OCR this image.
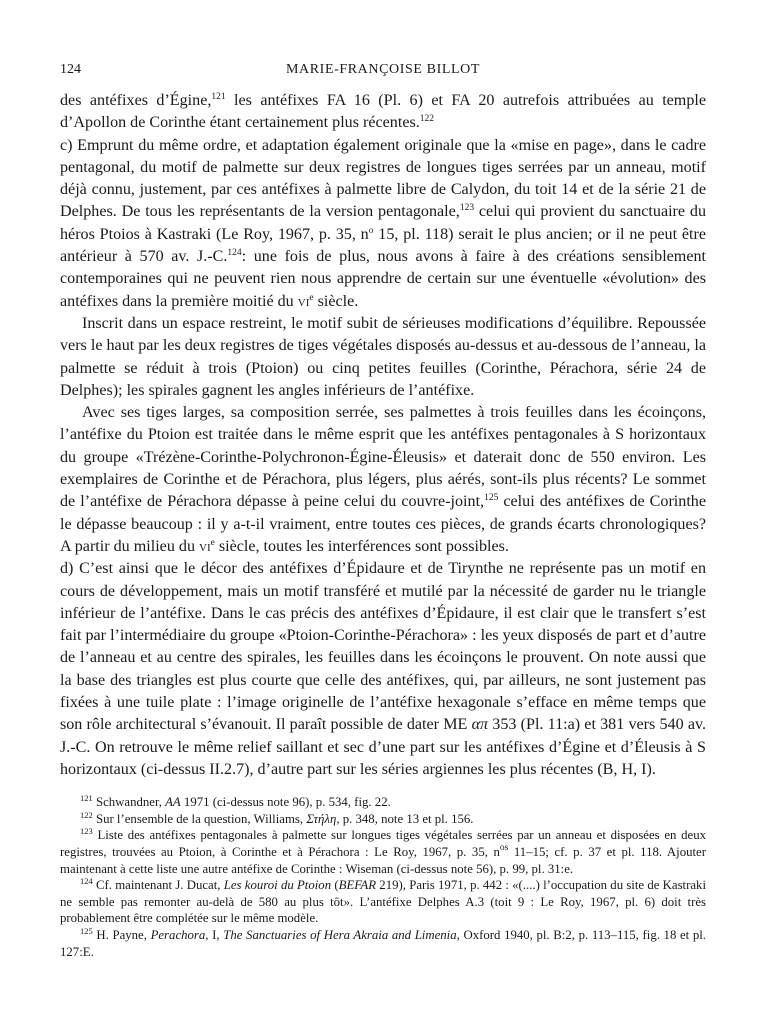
124	MARIE-FRANÇOISE BILLOT

des antéfixes d’Égine,$^{121}$ les antéfixes FA 16 (Pl. 6) et FA 20 autrefois attribuées au temple d’Apollon de Corinthe étant certainement plus récentes.$^{122}$

c) Emprunt du même ordre, et adaptation également originale que la «mise en page», dans le cadre pentagonal, du motif de palmette sur deux registres de longues tiges serrées par un anneau, motif déjà connu, justement, par ces antéfixes à palmette libre de Calydon, du toit 14 et de la série 21 de Delphes. De tous les représentants de la version pentagonale,$^{123}$ celui qui provient du sanctuaire du héros Ptoios à Kastraki (Le Roy, 1967, p. 35, $n^o$ 15, pl. 118) serait le plus ancien; or il ne peut être antérieur à 570 av. J.-C.$^{124}$: une fois de plus, nous avons à faire à des créations sensiblement contemporaines qui ne peuvent rien nous apprendre de certain sur une éventuelle «évolution» des antéfixes dans la première moitié du $vi^e$ siècle.

Inscrit dans un espace restreint, le motif subit de sérieuses modifications d’équilibre. Repoussée vers le haut par les deux registres de tiges végétales disposés au-dessus et au-dessous de l’anneau, la palmette se réduit à trois (Ptoion) ou cinq petites feuilles (Corinthe, Pérachora, série 24 de Delphes); les spirales gagnent les angles inférieurs de l’antéfixe.

Avec ses tiges larges, sa composition serrée, ses palmettes à trois feuilles dans les écoinçons, l’antéfixe du Ptoion est traitée dans le même esprit que les antéfixes pentagonales à S horizontaux du groupe «Trézène-Corinthe-Polychronon-Égine-Éleusis» et daterait donc de 550 environ. Les exemplaires de Corinthe et de Pérachora, plus légers, plus aérés, sont-ils plus récents? Le sommet de l’antéfixe de Pérachora dépasse à peine celui du couvre-joint,$^{125}$ celui des antéfixes de Corinthe le dépasse beaucoup : il y a-t-il vraiment, entre toutes ces pièces, de grands écarts chronologiques? A partir du milieu du $vi^e$ siècle, toutes les interférences sont possibles.

d) C’est ainsi que le décor des antéfixes d’Épidaure et de Tirynthe ne représente pas un motif en cours de développement, mais un motif transféré et mutilé par la nécessité de garder nu le triangle inférieur de l’antéfixe. Dans le cas précis des antéfixes d’Épidaure, il est clair que le transfert s’est fait par l’intermédiaire du groupe «Ptoion-Corinthe-Pérachora» : les yeux disposés de part et d’autre de l’anneau et au centre des spirales, les feuilles dans les écoinçons le prouvent. On note aussi que la base des triangles est plus courte que celle des antéfixes, qui, par ailleurs, ne sont justement pas fixées à une tuile plate : l’image originelle de l’antéfixe hexagonale s’efface en même temps que son rôle architectural s’évanouit. Il paraît possible de dater ME απ 353 (Pl. 11:a) et 381 vers 540 av. J.-C. On retrouve le même relief saillant et sec d’une part sur les antéfixes d’Égine et d’Éleusis à S horizontaux (ci-dessus II.2.7), d’autre part sur les séries argiennes les plus récentes (B, H, I).

$^{121}$ Schwandner, AA 1971 (ci-dessus note 96), p. 534, fig. 22.

$^{122}$ Sur l’ensemble de la question, Williams, Στήλη, p. 348, note 13 et pl. 156.

$^{123}$ Liste des antéfixes pentagonales à palmette sur longues tiges végétales serrées par un anneau et disposées en deux registres, trouvées au Ptoion, à Corinthe et à Pérachora : Le Roy, 1967, p. 35, $n^{os}$ 11–15; cf. p. 37 et pl. 118. Ajouter maintenant à cette liste une autre antéfixe de Corinthe : Wiseman (ci-dessus note 56), p. 99, pl. 31:e.

$^{124}$ Cf. maintenant J. Ducat, Les kouroi du Ptoion (BEFAR 219), Paris 1971, p. 442 : «(....) l’occupation du site de Kastraki ne semble pas remonter au-delà de 580 au plus tôt». L’antéfixe Delphes A.3 (toit 9 : Le Roy, 1967, pl. 6) doit très probablement être complétée sur le même modèle.

$^{125}$ H. Payne, Perachora, I, The Sanctuaries of Hera Akraia and Limenia, Oxford 1940, pl. B:2, p. 113–115, fig. 18 et pl. 127:E.
